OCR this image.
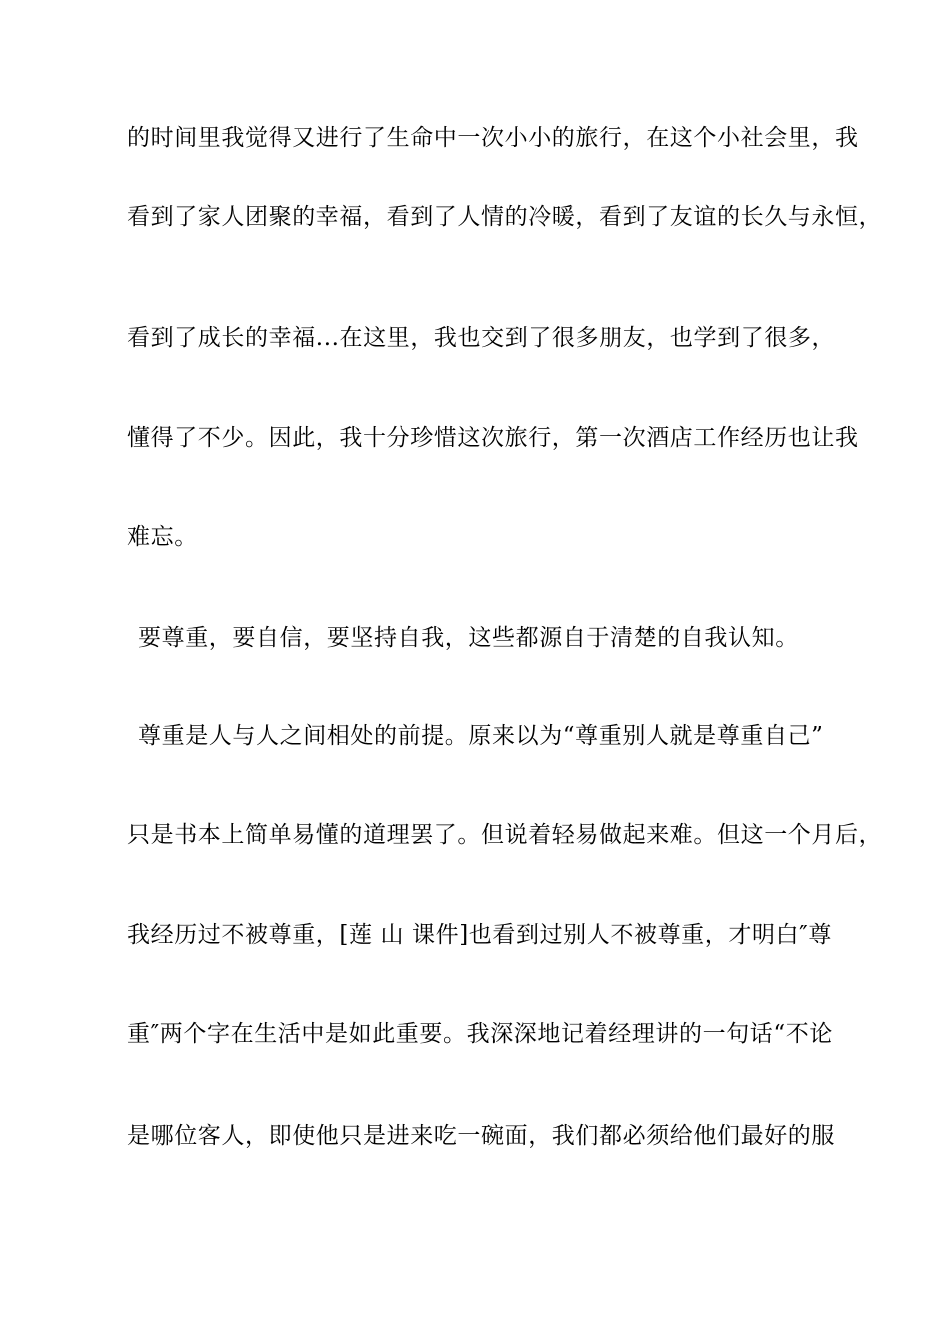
的时间里我觉得又进行了生命中一次小小的旅行，在这个小社会里，我
看到了家人团聚的幸福，看到了人情的冷暖，看到了友谊的长久与永恒，
看到了成长的幸福...在这里，我也交到了很多朋友，也学到了很多，
懂得了不少。因此，我十分珍惜这次旅行，第一次酒店工作经历也让我
难忘。
要尊重，要自信，要坚持自我，这些都源自于清楚的自我认知。
尊重是人与人之间相处的前提。原来以为“尊重别人就是尊重自己”
只是书本上简单易懂的道理罢了。但说着轻易做起来难。但这一个月后，
我经历过不被尊重，[莲 山 课件]也看到过别人不被尊重，才明白″尊
重″两个字在生活中是如此重要。我深深地记着经理讲的一句话“不论
是哪位客人，即使他只是进来吃一碗面，我们都必须给他们最好的服
